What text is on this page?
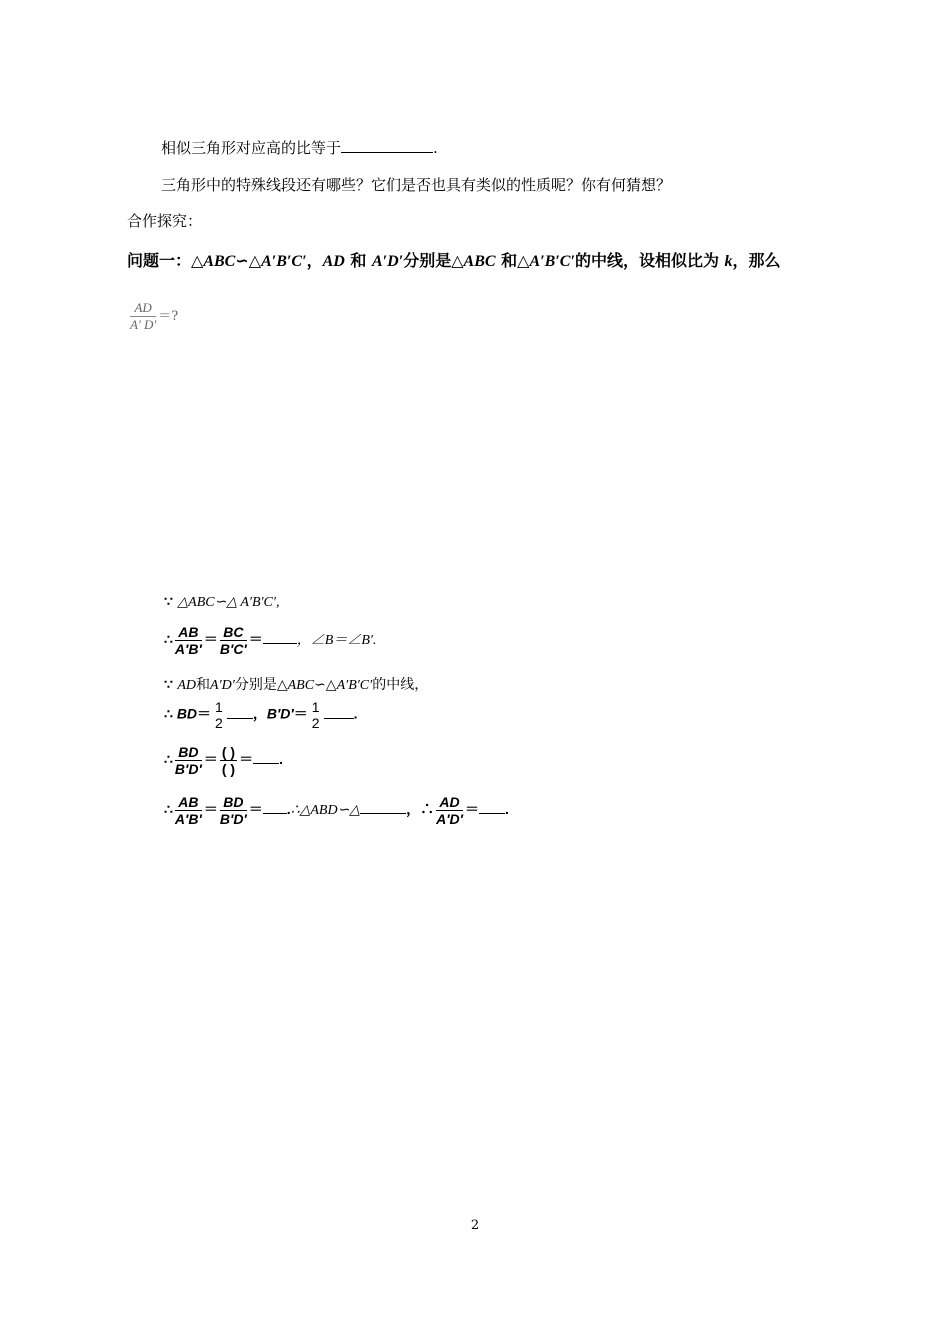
相似三角形对应高的比等于	.
三角形中的特殊线段还有哪些？它们是否也具有类似的性质呢？你有何猜想？
合作探究：
问题一：△ABC∽△A′B′C′，AD 和 A′D′分别是△ABC 和△A′B′C′的中线，设相似比为 k，那么
$\frac{AD}{A' D'}$ ＝?
∵ △ABC∽△ A′B′C′,
∴ $\frac{AB}{A'B'} = \frac{BC}{B'C'}$ ＝ ，∠B＝∠B′.
∵ AD和A′D′分别是△ABC∽△A′B′C′的中线，
∴ BD＝ 1
2
，B′D′＝ 1
2
.
∴ $\frac{BD}{B'D'} = \frac{( )}{( )}$ ＝ .
∴ $\frac{AB}{A'B'} = \frac{BD}{B'D'}$ ＝ .∴△ABD∽△	，∴ $\frac{AD}{A'D'}$ ＝ .
2
